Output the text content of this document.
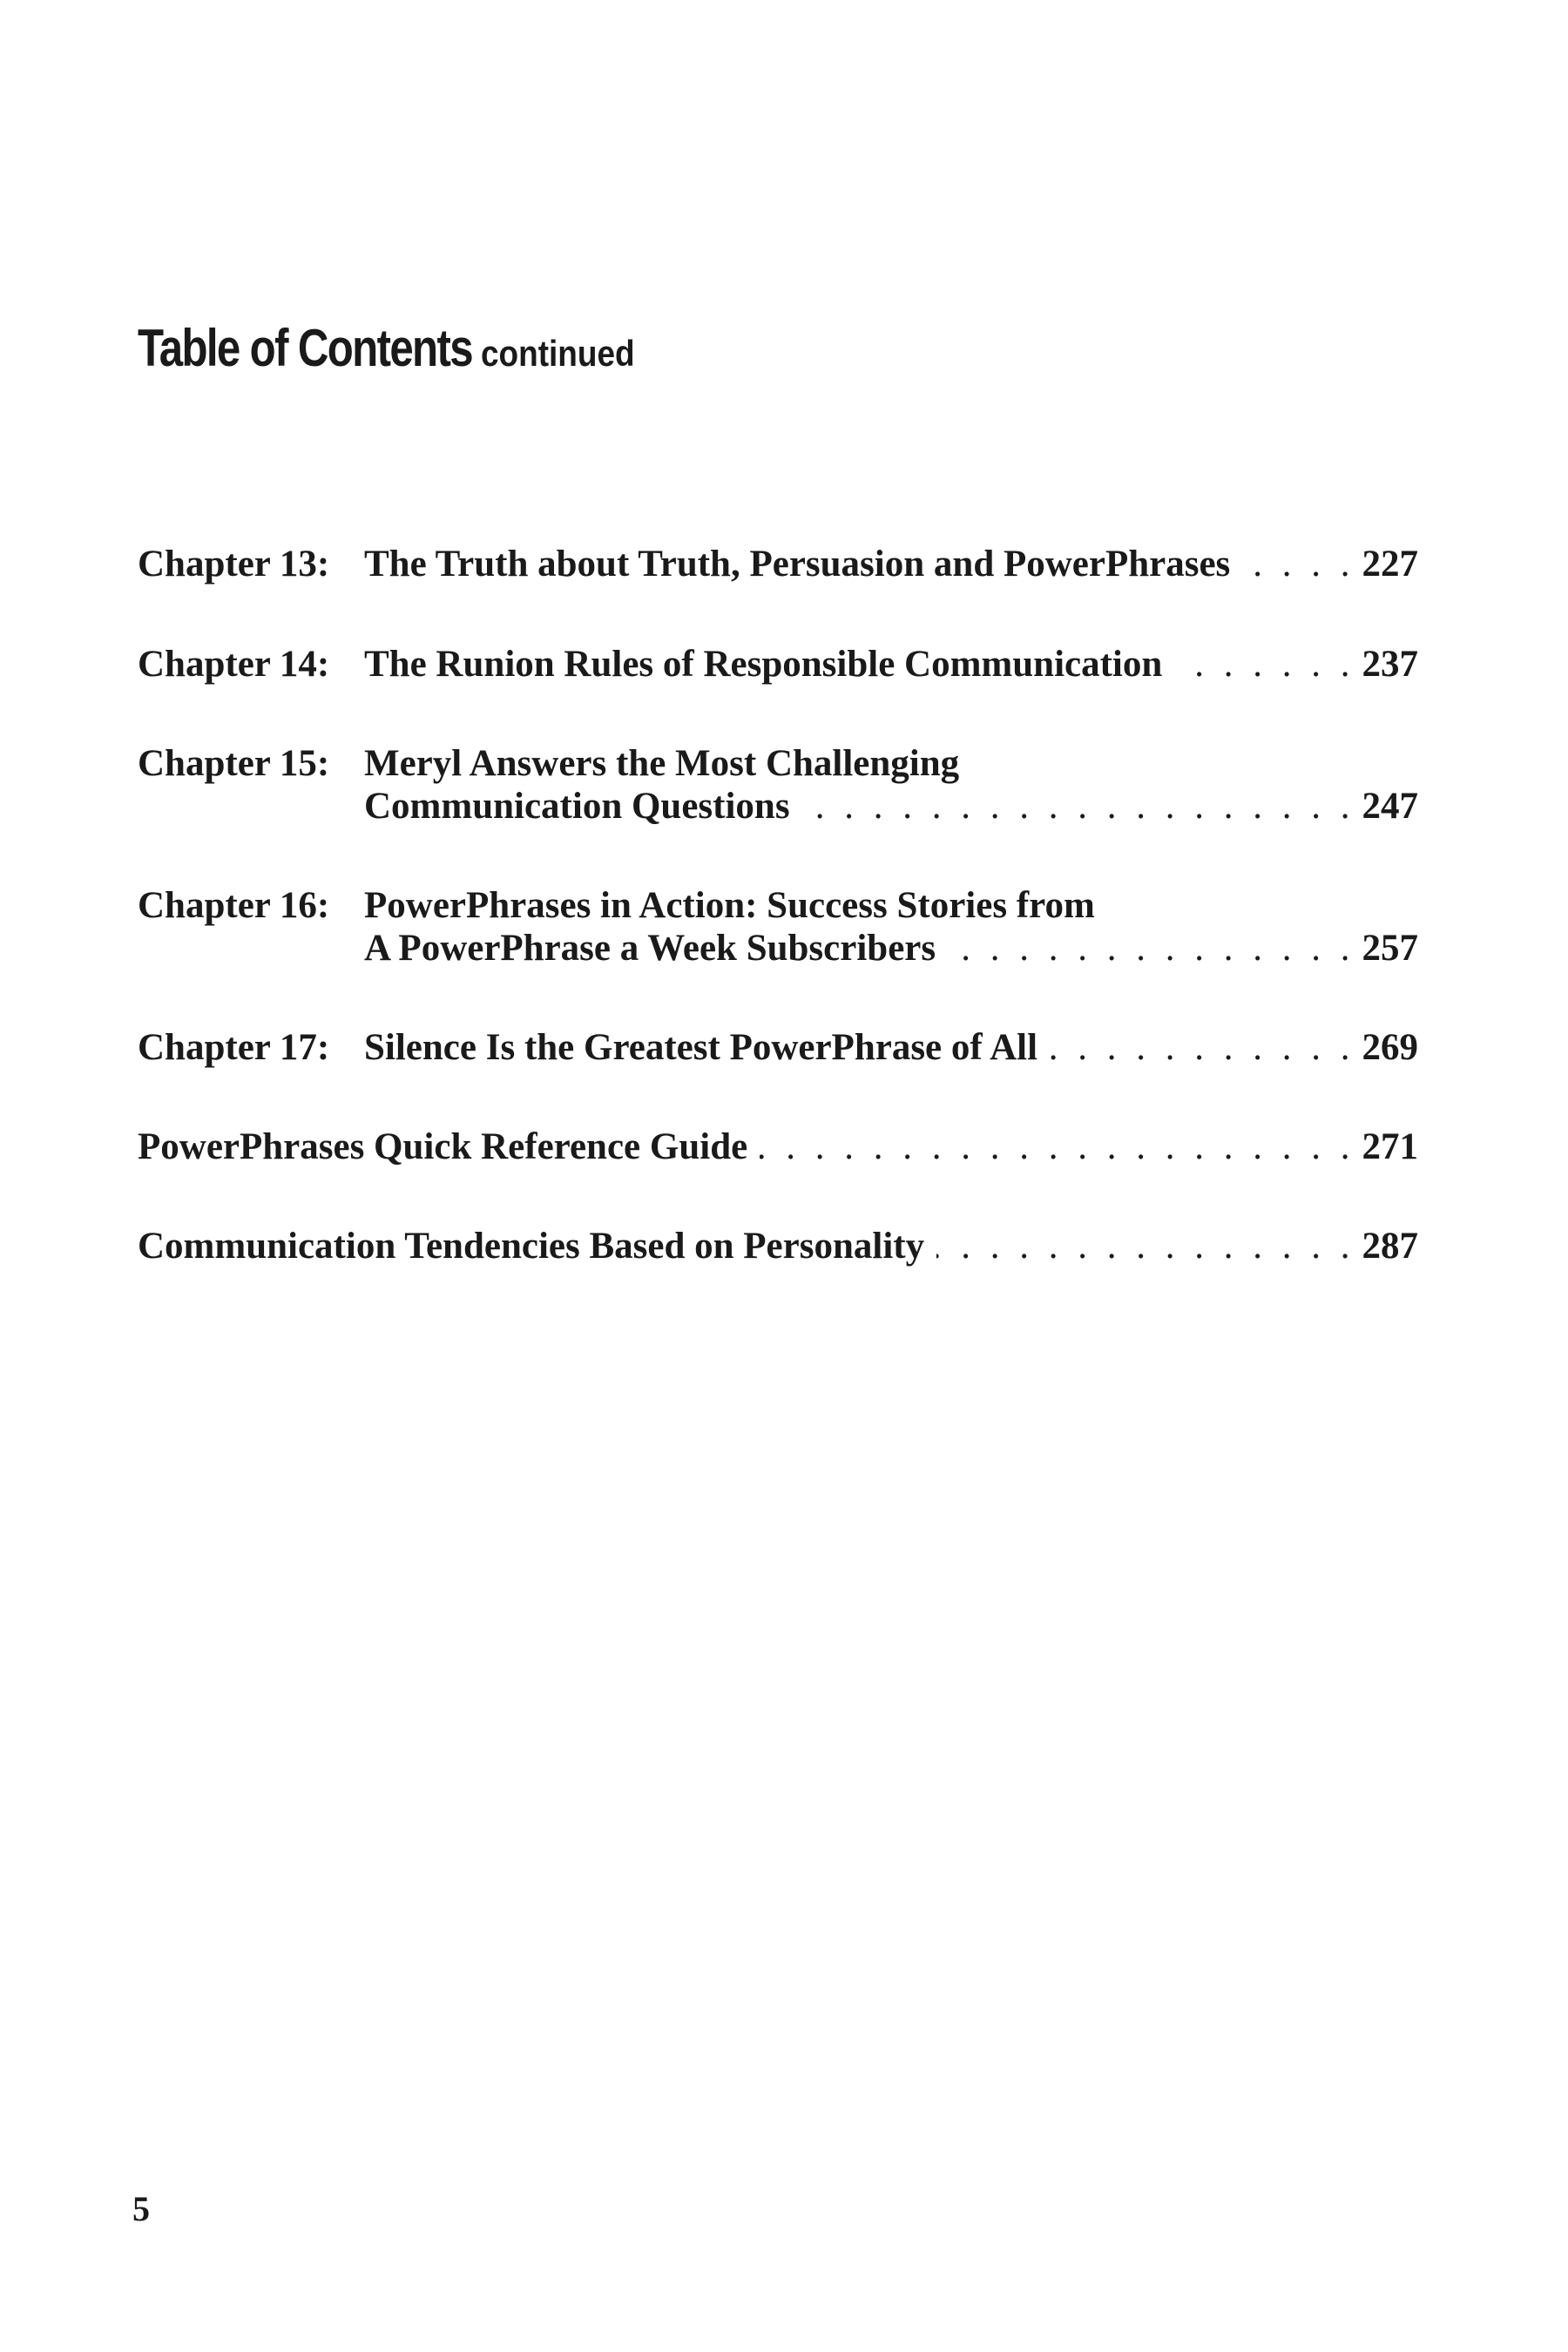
Table of Contents continued
Chapter 13: The Truth about Truth, Persuasion and PowerPhrases . . .	227
Chapter 14: The Runion Rules of Responsible Communication . . .	237
Chapter 15: Meryl Answers the Most Challenging
Communication Questions . . .	247
Chapter 16: PowerPhrases in Action: Success Stories from
A PowerPhrase a Week Subscribers . . .	257
Chapter 17: Silence Is the Greatest PowerPhrase of All . . .	269
PowerPhrases Quick Reference Guide . . .	271
Communication Tendencies Based on Personality . . .	287
5
